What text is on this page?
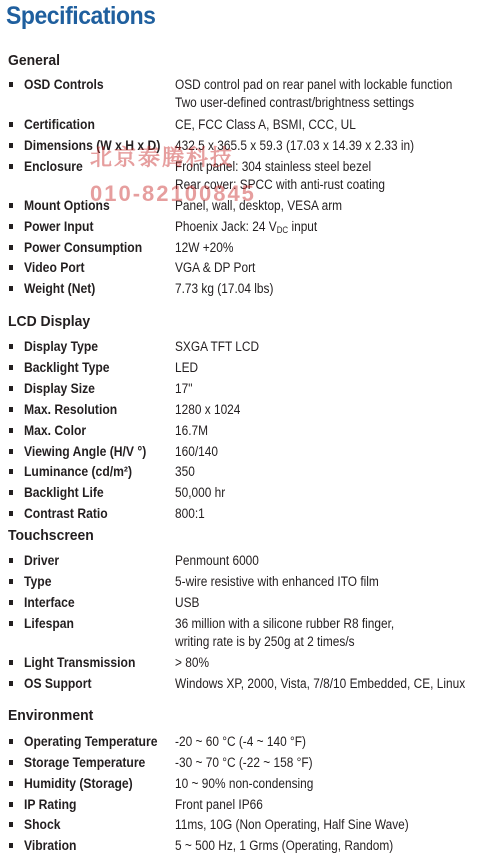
Specifications
General
LCD Display
Touchscreen
Environment
OSD Controls	OSD control pad on rear panel with lockable function
Two user-defined contrast/brightness settings
Certification	CE, FCC Class A, BSMI, CCC, UL
Dimensions (W x H x D) 432.5 x 365.5 x 59.3 (17.03 x 14.39 x 2.33 in)
Enclosure	Front panel: 304 stainless steel bezel
Rear cover: SPCC with anti-rust coating
Mount Options	Panel, wall, desktop, VESA arm
Power Input	Phoenix Jack: 24 $V_{DC}$ input
Power Consumption 12W +20%
Video Port	VGA & DP Port
Weight (Net)	7.73 kg (17.04 lbs)
Display Type	SXGA TFT LCD
Backlight Type	LED
Display Size	17"
Max. Resolution	1280 x 1024
Max. Color	16.7M
Viewing Angle (H/V °) 160/140
Luminance (cd/m²)	350
Backlight Life	50,000 hr
Contrast Ratio	800:1
Driver	Penmount 6000
Type	5-wire resistive with enhanced ITO film
Interface	USB
Lifespan	36 million with a silicone rubber R8 finger,
writing rate is by 250g at 2 times/s
Light Transmission	> 80%
OS Support	Windows XP, 2000, Vista, 7/8/10 Embedded, CE, Linux
Operating Temperature -20 ~ 60 °C (-4 ~ 140 °F)
Storage Temperature -30 ~ 70 °C (-22 ~ 158 °F)
Humidity (Storage)	10 ~ 90% non-condensing
IP Rating	Front panel IP66
Shock	11ms, 10G (Non Operating, Half Sine Wave)
Vibration	5 ~ 500 Hz, 1 Grms (Operating, Random)
北京泰腾科技
010-82100845
